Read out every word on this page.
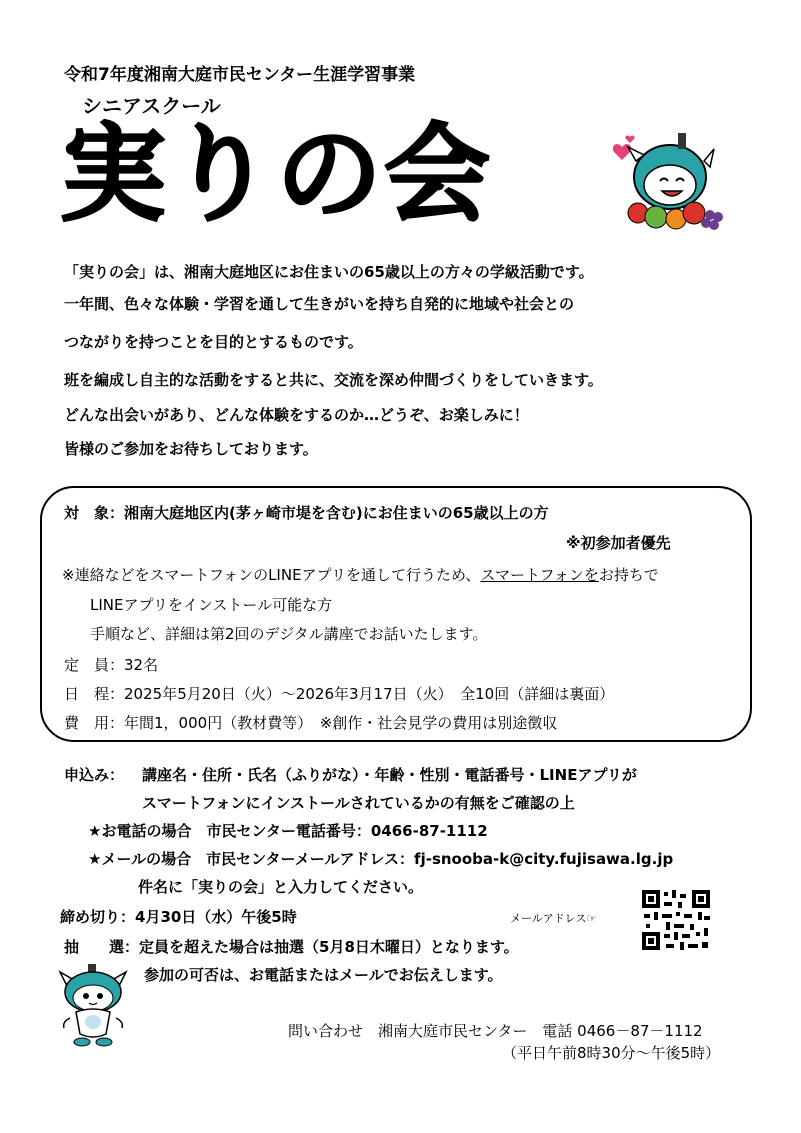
令和7年度湘南大庭市民センター生涯学習事業
シニアスクール
実りの会
「実りの会」は、湘南大庭地区にお住まいの65歳以上の方々の学級活動です。
一年間、色々な体験・学習を通して生きがいを持ち自発的に地域や社会との
つながりを持つことを目的とするものです。
班を編成し自主的な活動をすると共に、交流を深め仲間づくりをしていきます。
どんな出会いがあり、どんな体験をするのか…どうぞ、お楽しみに！
皆様のご参加をお待ちしております。
対　象：湘南大庭地区内(茅ヶ崎市堤を含む)にお住まいの65歳以上の方
※初参加者優先
※連絡などをスマートフォンのLINEアプリを通して行うため、スマートフォンをお持ちで
LINEアプリをインストール可能な方
手順など、詳細は第2回のデジタル講座でお話いたします。
定　員：32名
日　程：2025年5月20日（火）～2026年3月17日（火）　全10回（詳細は裏面）
費　用：年間1，000円（教材費等）　※創作・社会見学の費用は別途徴収
申込み： 講座名・住所・氏名（ふりがな）・年齢・性別・電話番号・LINEアプリが
スマートフォンにインストールされているかの有無をご確認の上
★お電話の場合　市民センター電話番号：0466-87-1112
★メールの場合　市民センターメールアドレス：fj-snooba-k@city.fujisawa.lg.jp
件名に「実りの会」と入力してください。
締め切り：4月30日（水）午後5時	メールアドレス☞
抽　　選：定員を超えた場合は抽選（5月8日木曜日）となります。
参加の可否は、お電話またはメールでお伝えします。
問い合わせ　湘南大庭市民センター　電話 0466－87－1112
（平日午前8時30分～午後5時）
